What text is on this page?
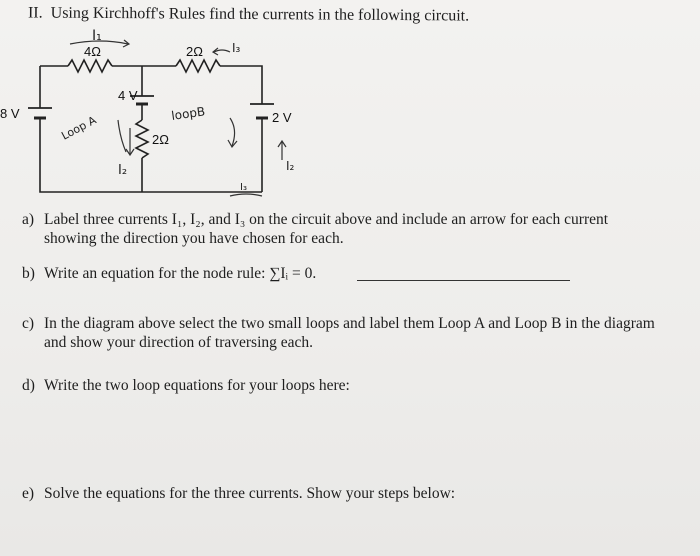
II. Using Kirchhoff's Rules find the currents in the following circuit.
4Ω	2Ω
2Ω
8 V
4 V
2 V
I₁
I₃
I₂	I₂
I₃
Loop A	loopB
a) Label three currents I₁, I₂, and I₃ on the circuit above and include an arrow for each current
showing the direction you have chosen for each.
b) Write an equation for the node rule: ∑Iᵢ = 0.
c) In the diagram above select the two small loops and label them Loop A and Loop B in the diagram
and show your direction of traversing each.
d) Write the two loop equations for your loops here:
e) Solve the equations for the three currents. Show your steps below:
